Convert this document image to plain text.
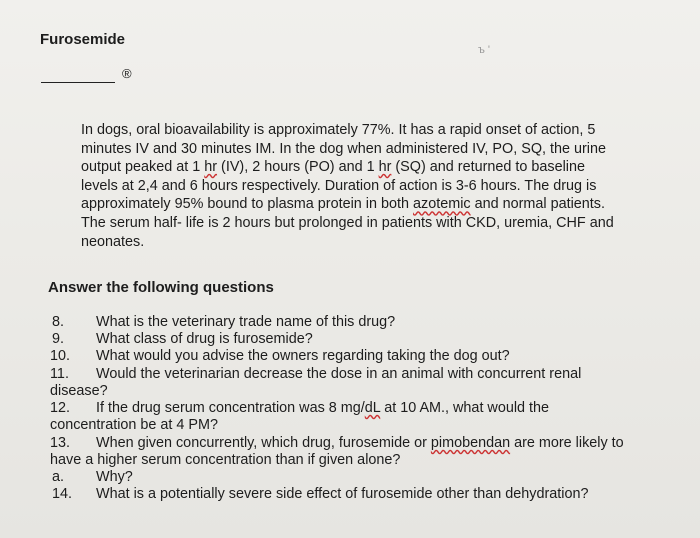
Furosemide
®
ъ '
In dogs, oral bioavailability is approximately 77%. It has a rapid onset of action, 5
minutes IV and 30 minutes IM. In the dog when administered IV, PO, SQ, the urine
output peaked at 1 hr (IV), 2 hours (PO) and 1 hr (SQ) and returned to baseline
levels at 2,4 and 6 hours respectively. Duration of action is 3-6 hours. The drug is
approximately 95% bound to plasma protein in both azotemic and normal patients.
The serum half- life is 2 hours but prolonged in patients with CKD, uremia, CHF and
neonates.
Answer the following questions
8. What is the veterinary trade name of this drug?
9. What class of drug is furosemide?
10. What would you advise the owners regarding taking the dog out?
11. Would the veterinarian decrease the dose in an animal with concurrent renal
disease?
12. If the drug serum concentration was 8 mg/dL at 10 AM., what would the
concentration be at 4 PM?
13. When given concurrently, which drug, furosemide or pimobendan are more likely to
have a higher serum concentration than if given alone?
a. Why?
14. What is a potentially severe side effect of furosemide other than dehydration?
